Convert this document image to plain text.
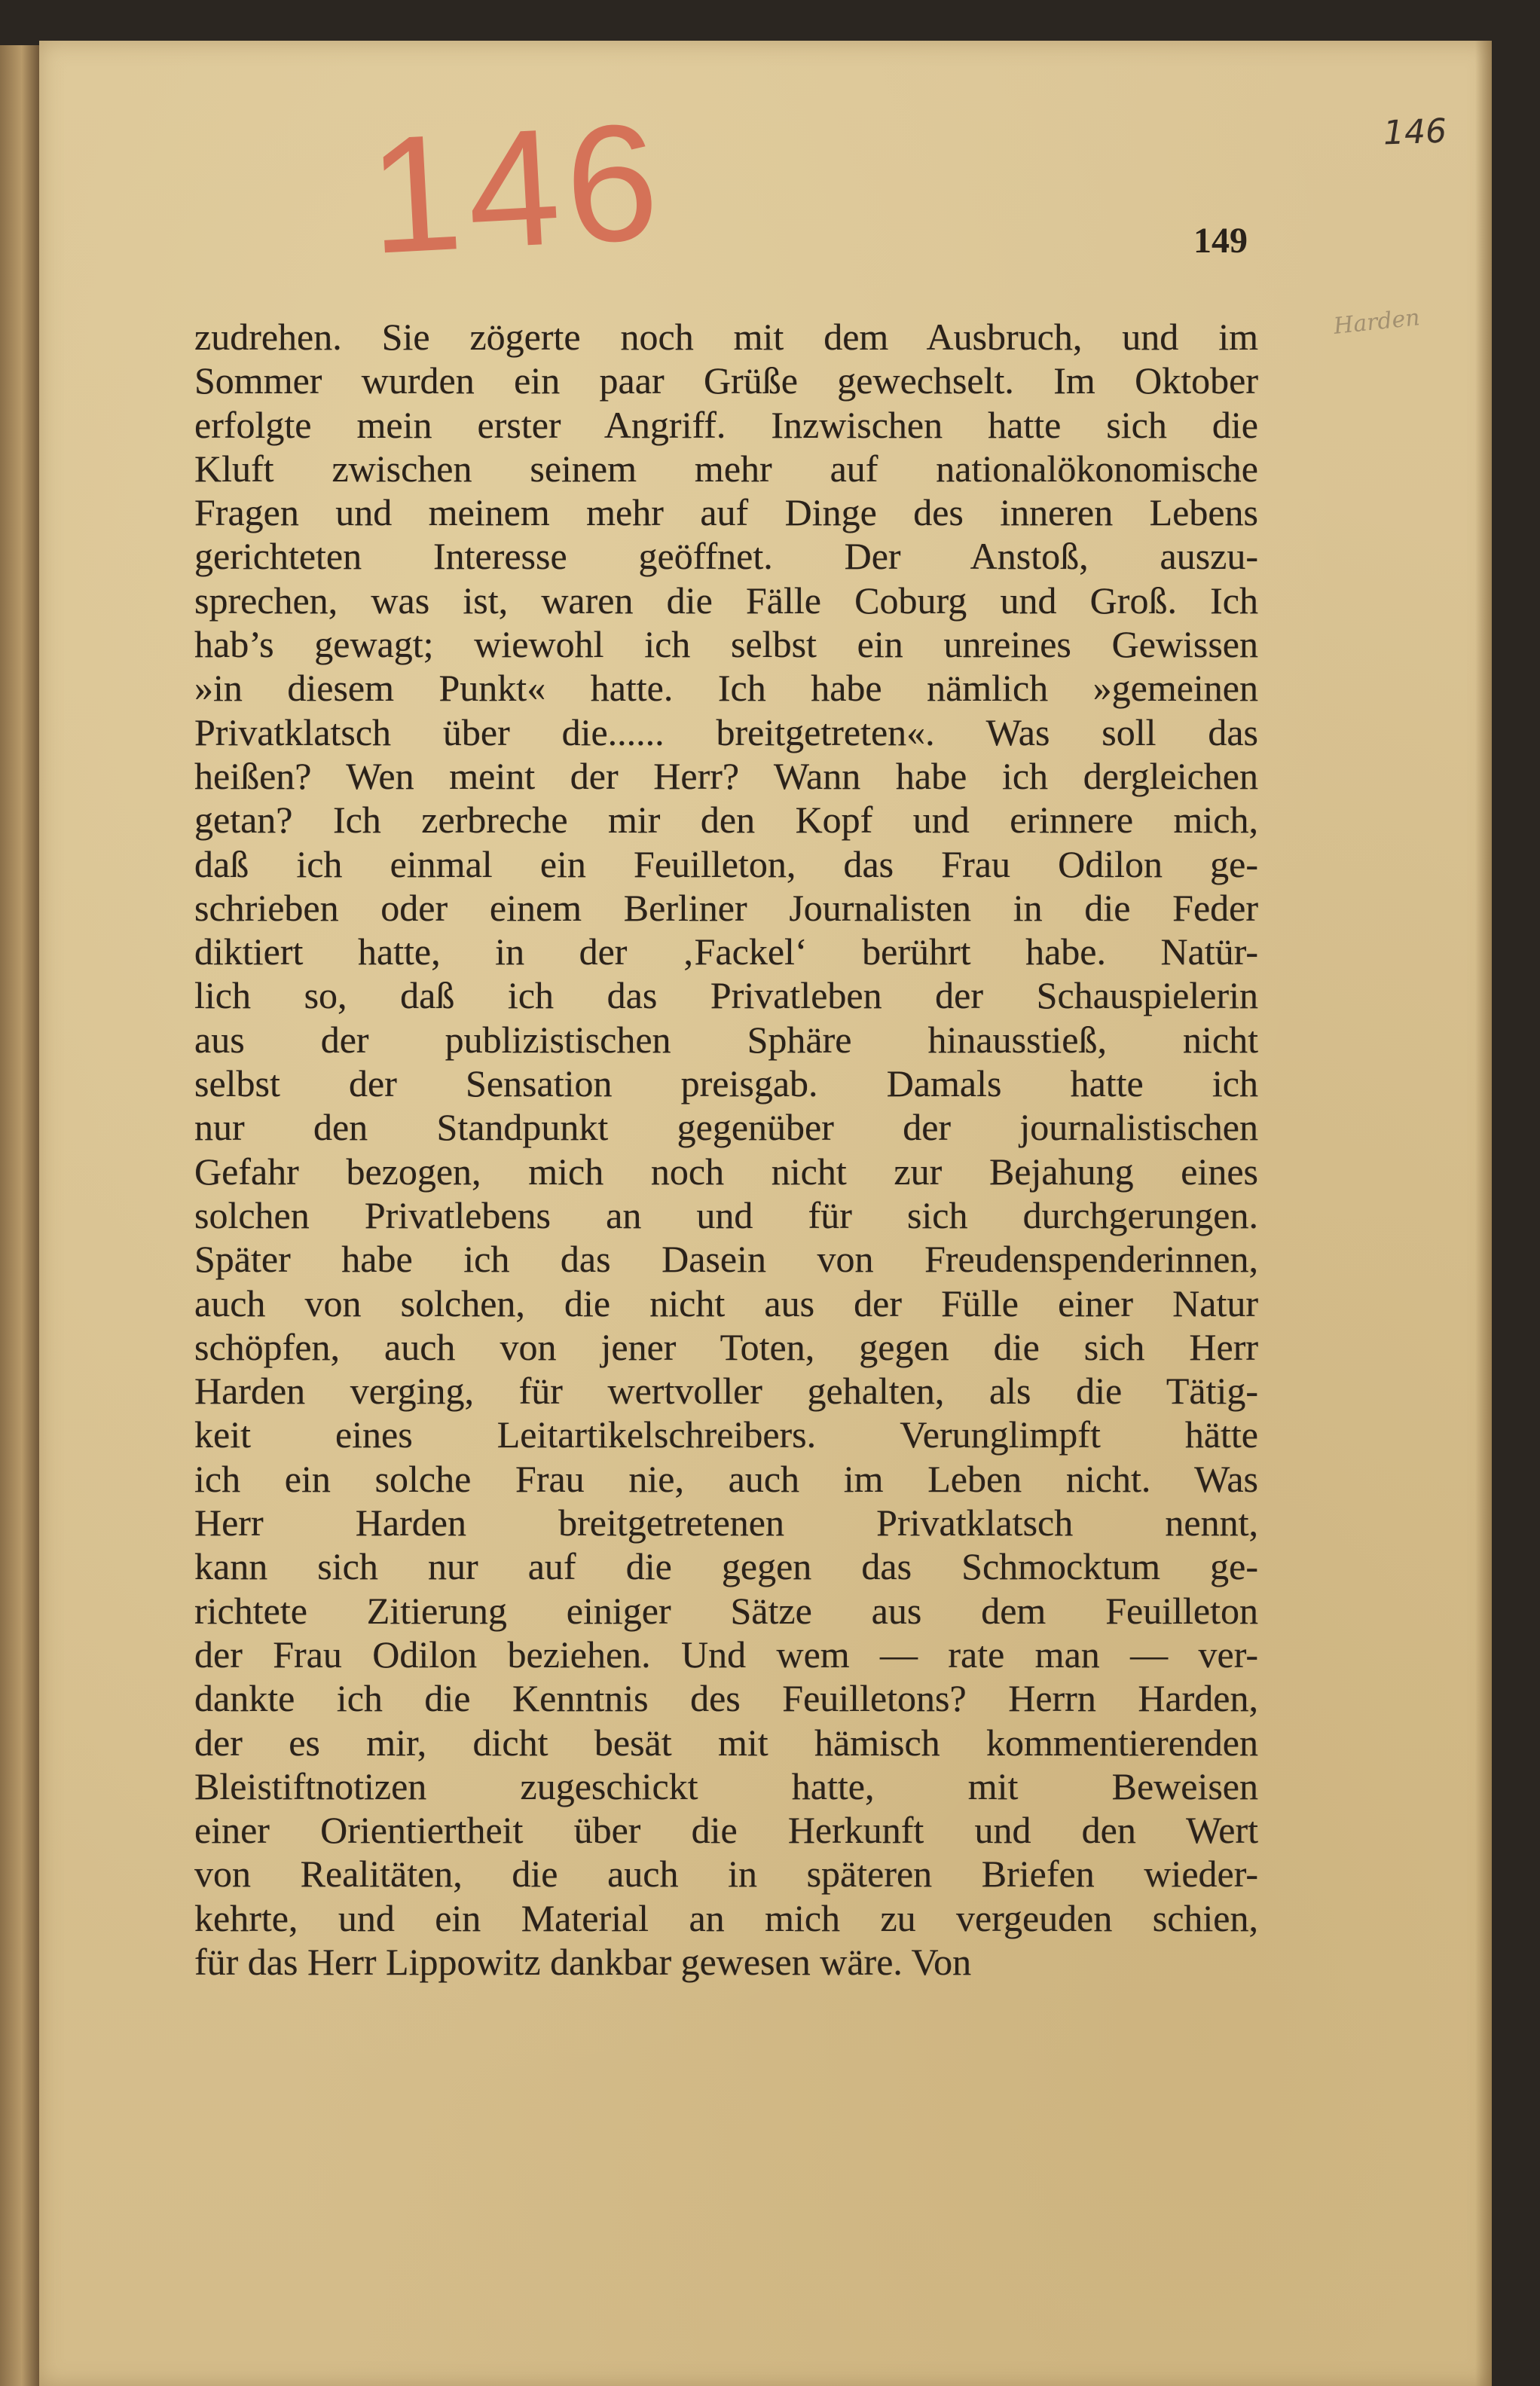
146	146
Harden
149
zudrehen. Sie zögerte noch mit dem Ausbruch, und im
Sommer wurden ein paar Grüße gewechselt. Im Oktober
erfolgte mein erster Angriff. Inzwischen hatte sich die
Kluft zwischen seinem mehr auf nationalökonomische
Fragen und meinem mehr auf Dinge des inneren Lebens
gerichteten Interesse geöffnet. Der Anstoß, auszu-
sprechen, was ist, waren die Fälle Coburg und Groß. Ich
hab’s gewagt; wiewohl ich selbst ein unreines Gewissen
»in diesem Punkt« hatte. Ich habe nämlich »gemeinen
Privatklatsch über die...... breitgetreten«. Was soll das
heißen? Wen meint der Herr? Wann habe ich dergleichen
getan? Ich zerbreche mir den Kopf und erinnere mich,
daß ich einmal ein Feuilleton, das Frau Odilon ge-
schrieben oder einem Berliner Journalisten in die Feder
diktiert hatte, in der ‚Fackel‘ berührt habe. Natür-
lich so, daß ich das Privatleben der Schauspielerin
aus der publizistischen Sphäre hinausstieß, nicht
selbst der Sensation preisgab. Damals hatte ich
nur den Standpunkt gegenüber der journalistischen
Gefahr bezogen, mich noch nicht zur Bejahung eines
solchen Privatlebens an und für sich durchgerungen.
Später habe ich das Dasein von Freudenspenderinnen,
auch von solchen, die nicht aus der Fülle einer Natur
schöpfen, auch von jener Toten, gegen die sich Herr
Harden verging, für wertvoller gehalten, als die Tätig-
keit eines Leitartikelschreibers. Verunglimpft hätte
ich ein solche Frau nie, auch im Leben nicht. Was
Herr Harden breitgetretenen Privatklatsch nennt,
kann sich nur auf die gegen das Schmocktum ge-
richtete Zitierung einiger Sätze aus dem Feuilleton
der Frau Odilon beziehen. Und wem — rate man — ver-
dankte ich die Kenntnis des Feuilletons? Herrn Harden,
der es mir, dicht besät mit hämisch kommentierenden
Bleistiftnotizen zugeschickt hatte, mit Beweisen
einer Orientiertheit über die Herkunft und den Wert
von Realitäten, die auch in späteren Briefen wieder-
kehrte, und ein Material an mich zu vergeuden schien,
für das Herr Lippowitz dankbar gewesen wäre. Von
